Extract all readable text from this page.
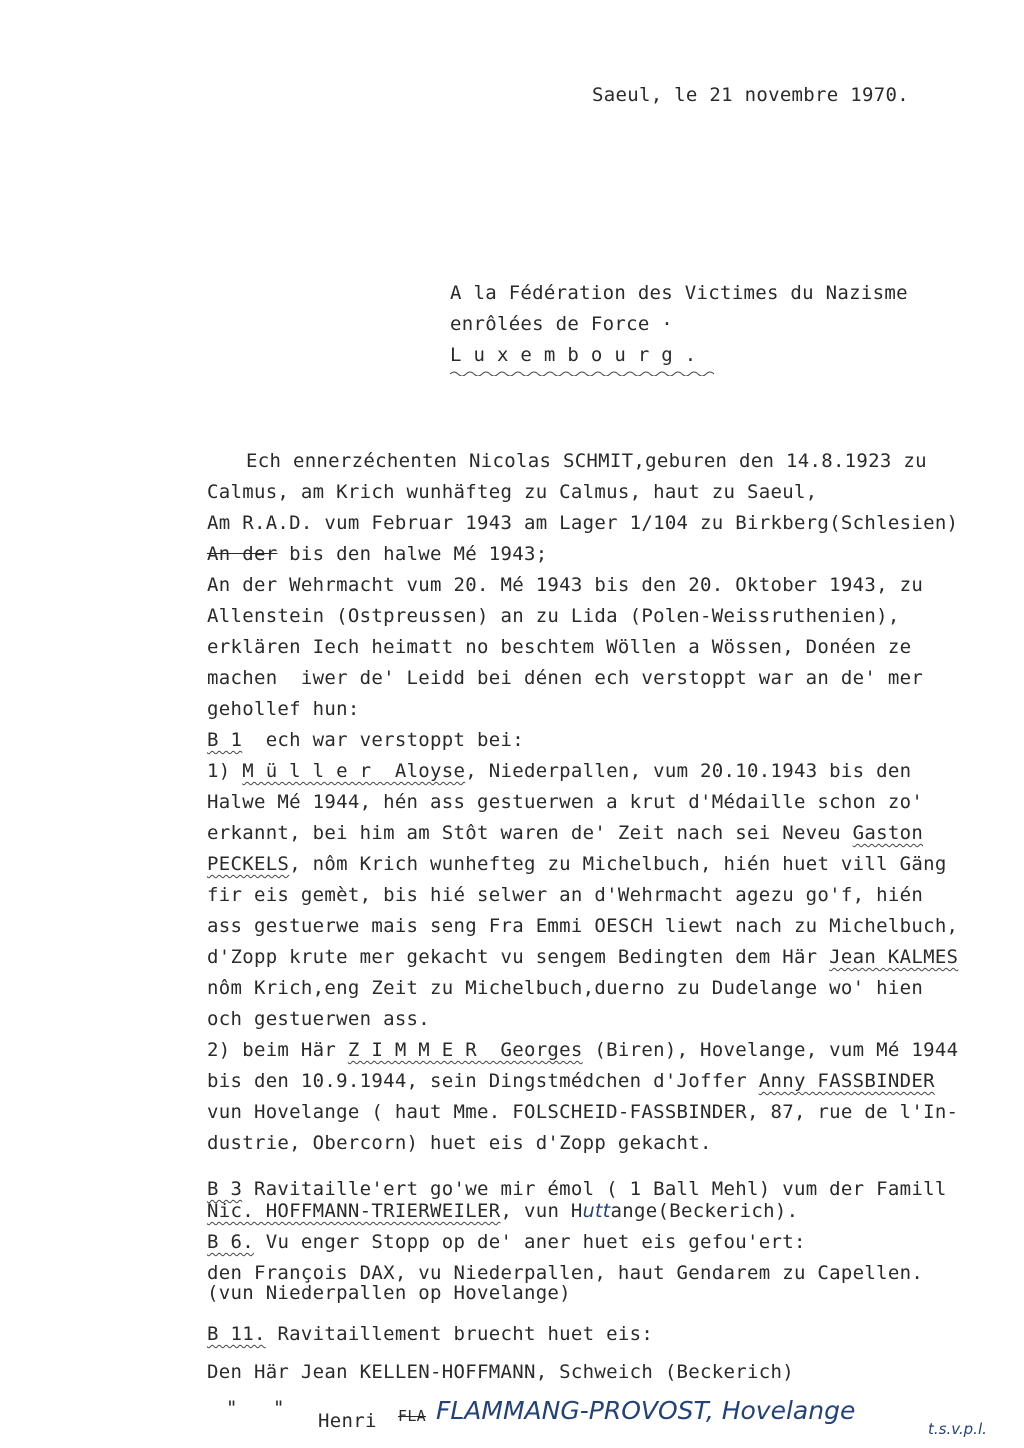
Saeul, le 21 novembre 1970.
A la Fédération des Victimes du Nazisme
enrôlées de Force ·
L u x e m b o u r g .
Ech ennerzéchenten Nicolas SCHMIT,geburen den 14.8.1923 zu
Calmus, am Krich wunhäfteg zu Calmus, haut zu Saeul,
Am R.A.D. vum Februar 1943 am Lager 1/104 zu Birkberg(Schlesien)
An der bis den halwe Mé 1943;
An der Wehrmacht vum 20. Mé 1943 bis den 20. Oktober 1943, zu
Allenstein (Ostpreussen) an zu Lida (Polen-Weissruthenien),
erklären Iech heimatt no beschtem Wöllen a Wössen, Donéen ze
machen  iwer de' Leidd bei dénen ech verstoppt war an de' mer
gehollef hun:
B 1  ech war verstoppt bei:
1) M ü l l e r  Aloyse, Niederpallen, vum 20.10.1943 bis den
Halwe Mé 1944, hén ass gestuerwen a krut d'Médaille schon zo'
erkannt, bei him am Stôt waren de' Zeit nach sei Neveu Gaston
PECKELS, nôm Krich wunhefteg zu Michelbuch, hién huet vill Gäng
fir eis gemèt, bis hié selwer an d'Wehrmacht agezu go'f, hién
ass gestuerwe mais seng Fra Emmi OESCH liewt nach zu Michelbuch,
d'Zopp krute mer gekacht vu sengem Bedingten dem Här Jean KALMES
nôm Krich,eng Zeit zu Michelbuch,duerno zu Dudelange wo' hien
och gestuerwen ass.
2) beim Här Z I M M E R  Georges (Biren), Hovelange, vum Mé 1944
bis den 10.9.1944, sein Dingstmédchen d'Joffer Anny FASSBINDER
vun Hovelange ( haut Mme. FOLSCHEID-FASSBINDER, 87, rue de l'In-
dustrie, Obercorn) huet eis d'Zopp gekacht.
B 3 Ravitaille'ert go'we mir émol ( 1 Ball Mehl) vum der Famill
Nic. HOFFMANN-TRIERWEILER, vun Huttange(Beckerich).
B 6. Vu enger Stopp op de' aner huet eis gefou'ert:
den François DAX, vu Niederpallen, haut Gendarem zu Capellen.
(vun Niederpallen op Hovelange)
B 11. Ravitaillement bruecht huet eis:
Den Här Jean KELLEN-HOFFMANN, Schweich (Beckerich)
"   "
Henri FLA FLAMMANG-PROVOST, Hovelange
t.s.v.p.l.
